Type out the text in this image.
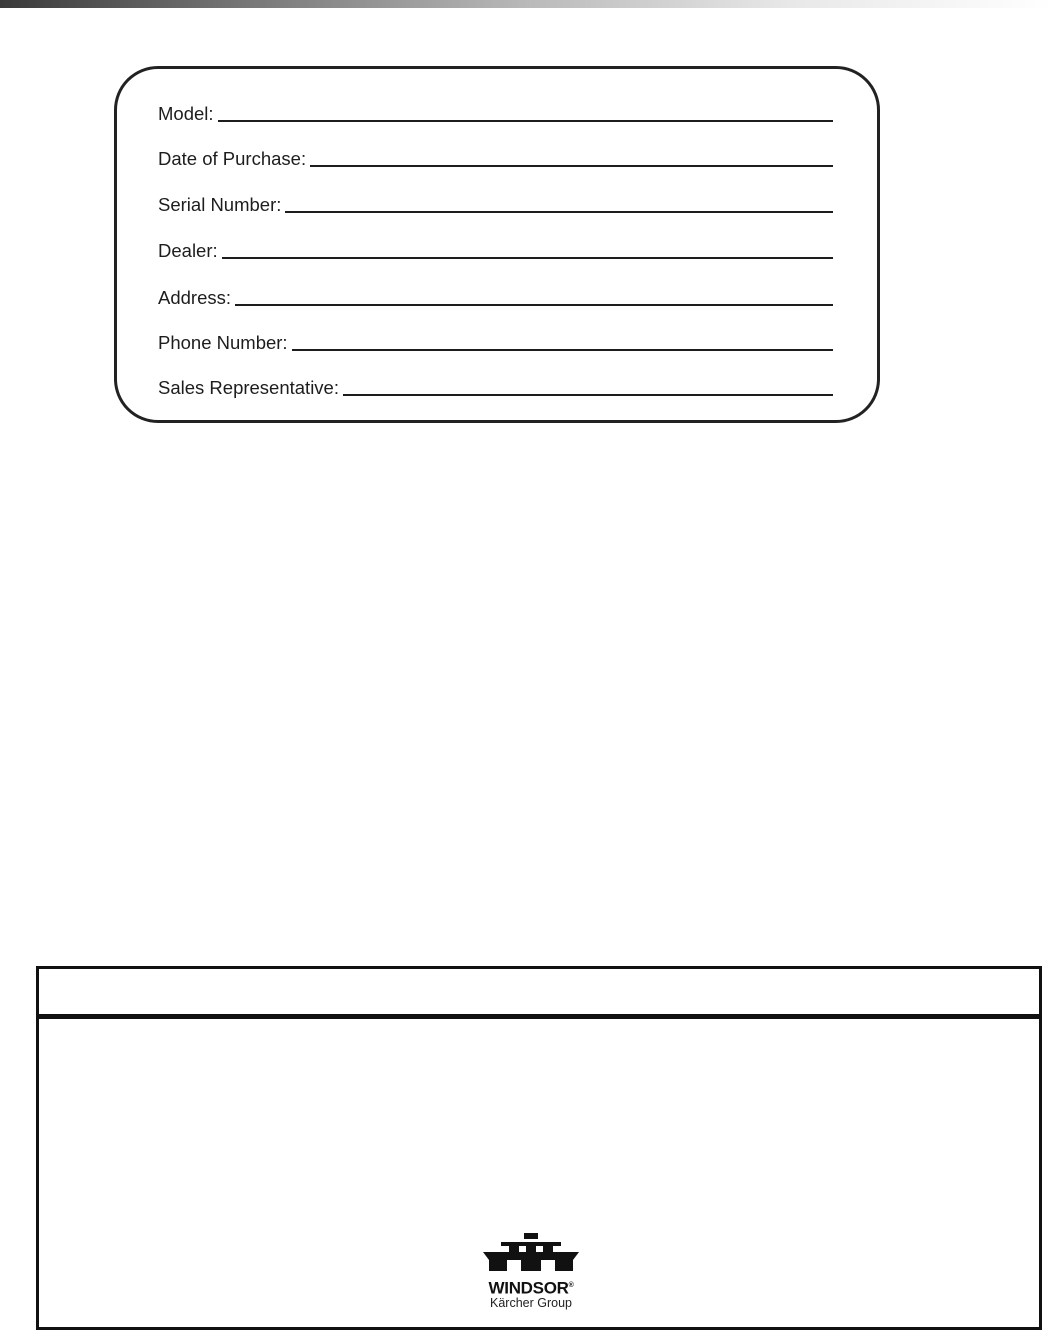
Model:
Date of Purchase:
Serial Number:
Dealer:
Address:
Phone Number:
Sales Representative:
WINDSOR®
Kärcher Group
